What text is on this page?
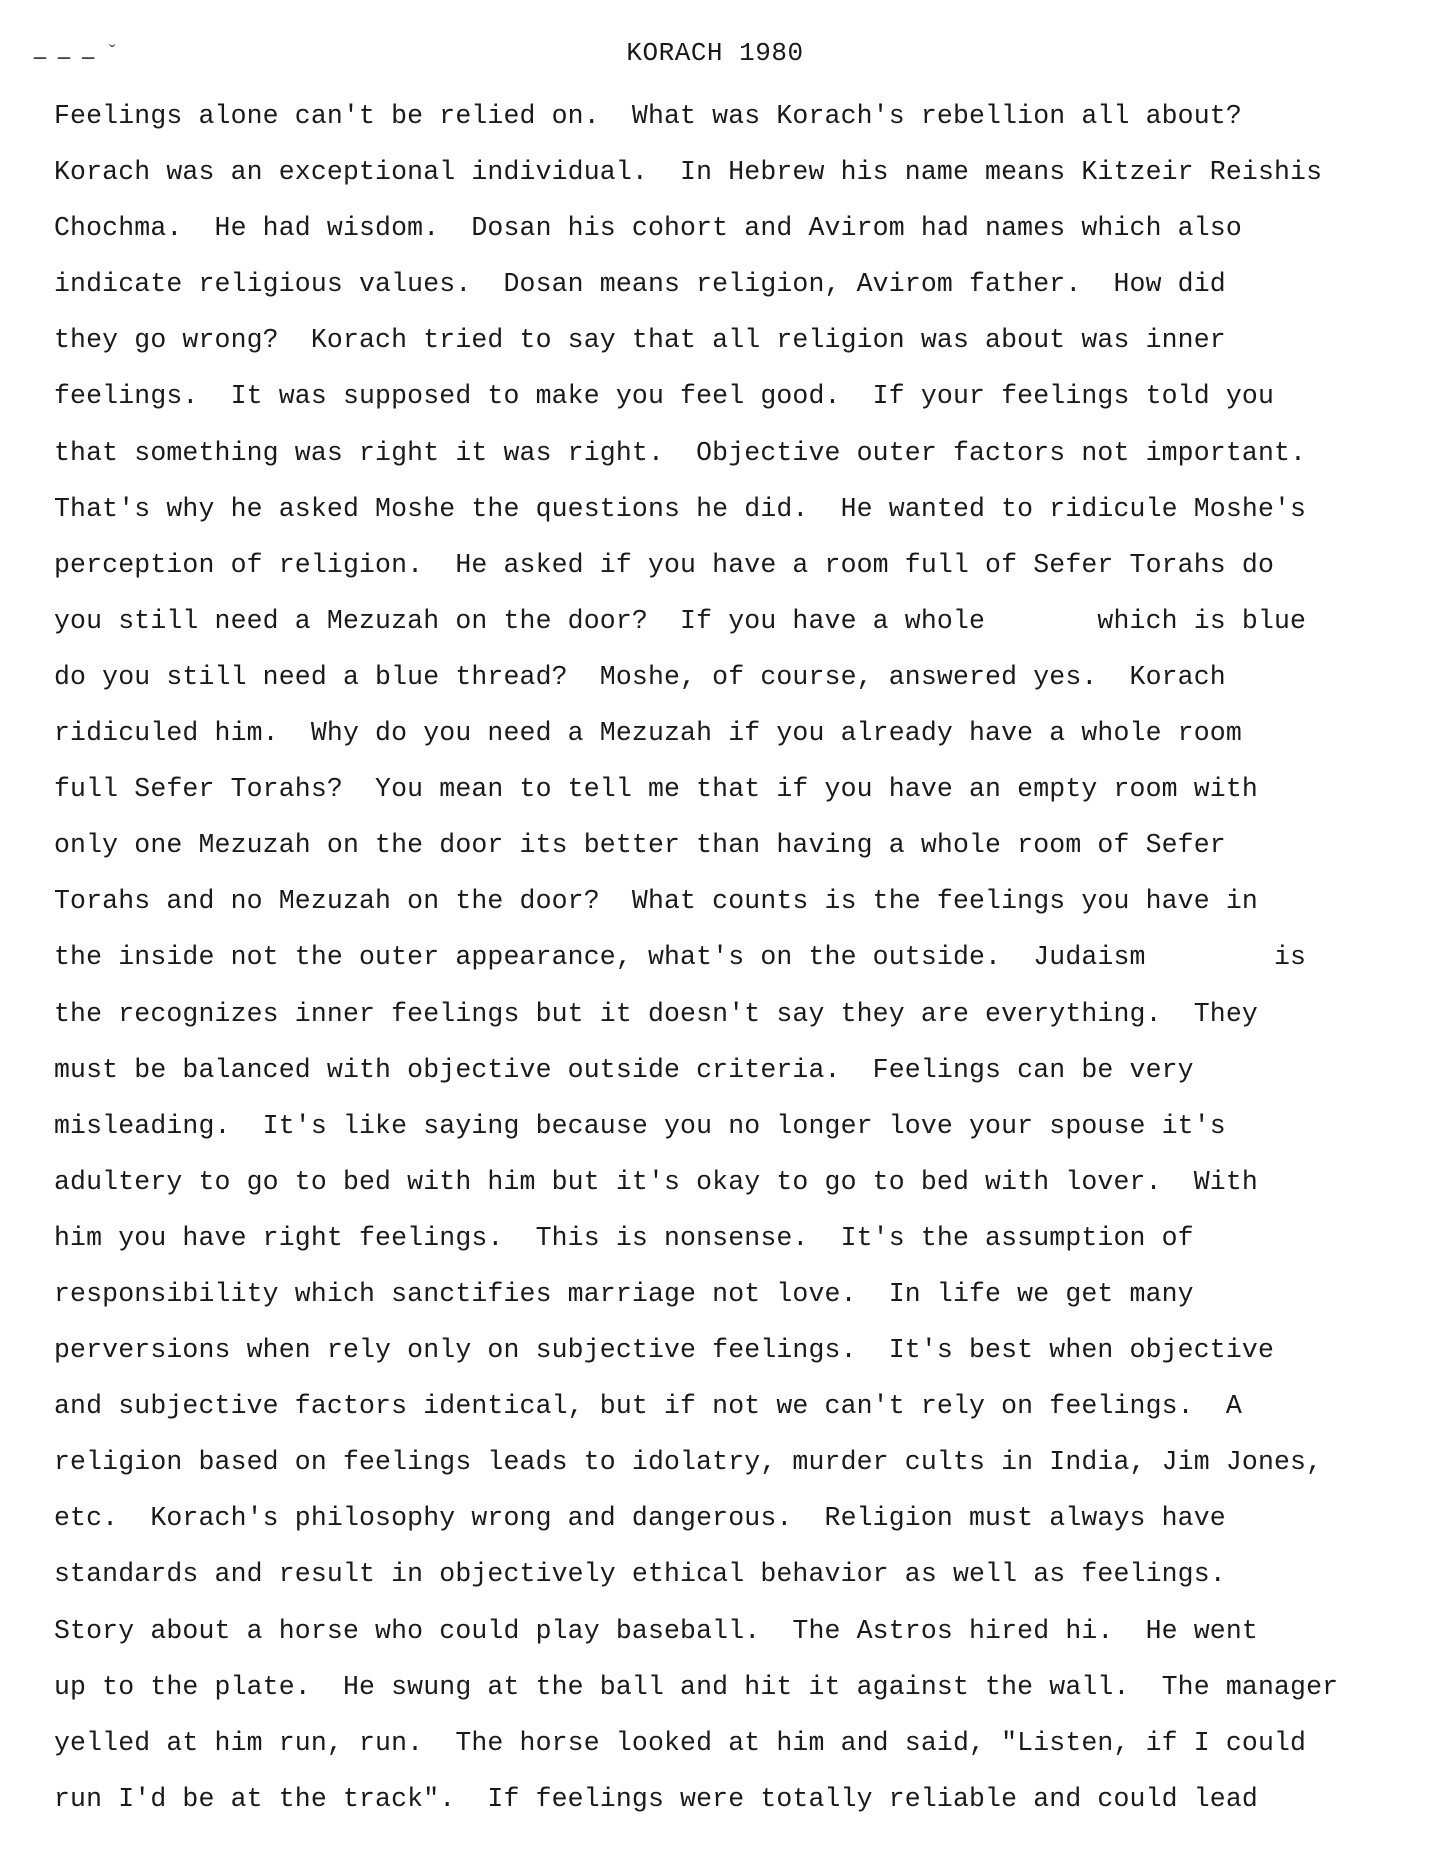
ـ ـ ـ ˇ	KORACH 1980
Feelings alone can't be relied on.  What was Korach's rebellion all about?
Korach was an exceptional individual.  In Hebrew his name means Kitzeir Reishis
Chochma.  He had wisdom.  Dosan his cohort and Avirom had names which also
indicate religious values.  Dosan means religion, Avirom father.  How did
they go wrong?  Korach tried to say that all religion was about was inner
feelings.  It was supposed to make you feel good.  If your feelings told you
that something was right it was right.  Objective outer factors not important.
That's why he asked Moshe the questions he did.  He wanted to ridicule Moshe's
perception of religion.  He asked if you have a room full of Sefer Torahs do
you still need a Mezuzah on the door?  If you have a whole       which is blue
do you still need a blue thread?  Moshe, of course, answered yes.  Korach
ridiculed him.  Why do you need a Mezuzah if you already have a whole room
full Sefer Torahs?  You mean to tell me that if you have an empty room with
only one Mezuzah on the door its better than having a whole room of Sefer
Torahs and no Mezuzah on the door?  What counts is the feelings you have in
the inside not the outer appearance, what's on the outside.  Judaism        is
the recognizes inner feelings but it doesn't say they are everything.  They
must be balanced with objective outside criteria.  Feelings can be very
misleading.  It's like saying because you no longer love your spouse it's
adultery to go to bed with him but it's okay to go to bed with lover.  With
him you have right feelings.  This is nonsense.  It's the assumption of
responsibility which sanctifies marriage not love.  In life we get many
perversions when rely only on subjective feelings.  It's best when objective
and subjective factors identical, but if not we can't rely on feelings.  A
religion based on feelings leads to idolatry, murder cults in India, Jim Jones,
etc.  Korach's philosophy wrong and dangerous.  Religion must always have
standards and result in objectively ethical behavior as well as feelings.
Story about a horse who could play baseball.  The Astros hired hi.  He went
up to the plate.  He swung at the ball and hit it against the wall.  The manager
yelled at him run, run.  The horse looked at him and said, "Listen, if I could
run I'd be at the track".  If feelings were totally reliable and could lead
